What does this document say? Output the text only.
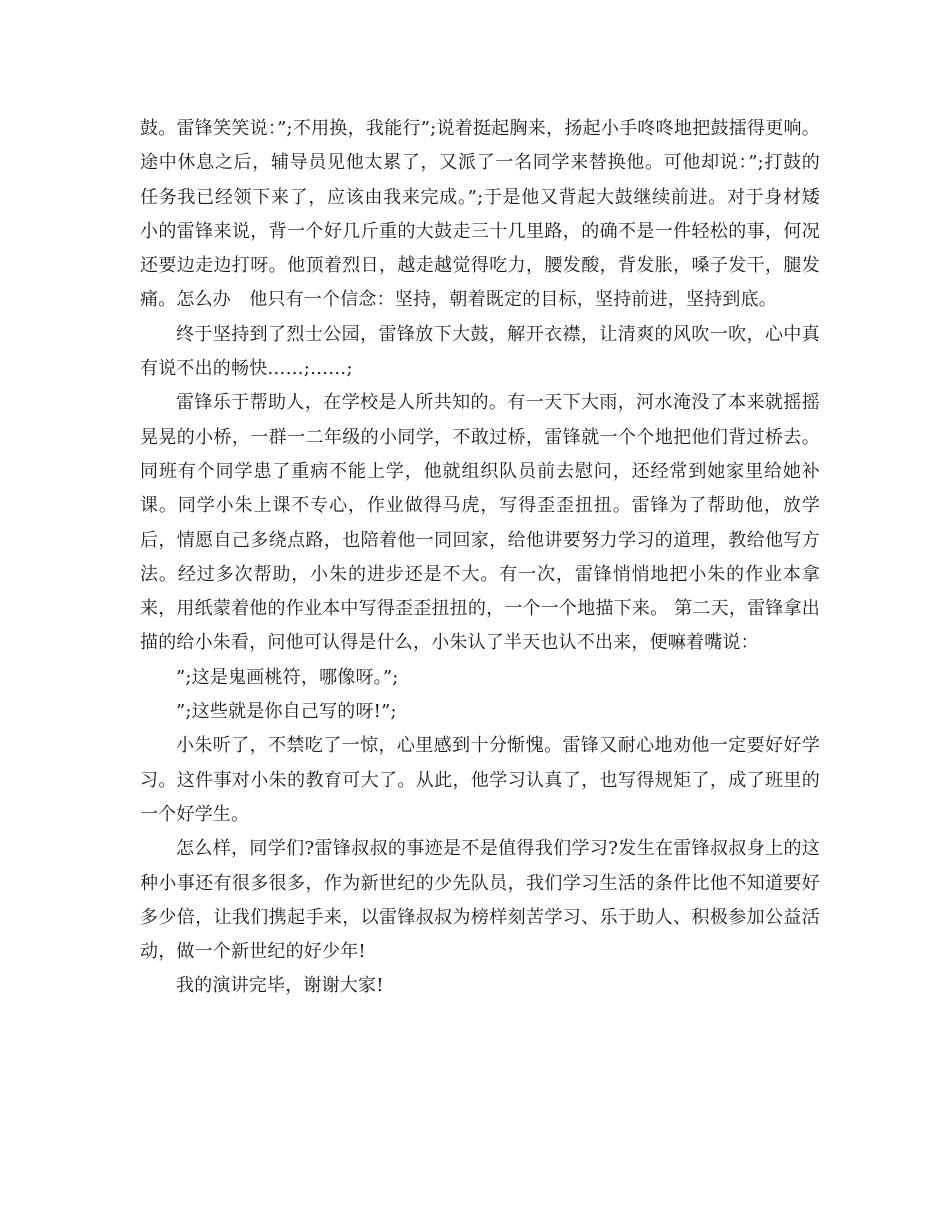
鼓。雷锋笑笑说：”;不用换，我能行”;说着挺起胸来，扬起小手咚咚地把鼓擂得更响。途中休息之后，辅导员见他太累了，又派了一名同学来替换他。可他却说：”;打鼓的任务我已经领下来了，应该由我来完成。”;于是他又背起大鼓继续前进。对于身材矮小的雷锋来说，背一个好几斤重的大鼓走三十几里路，的确不是一件轻松的事，何况还要边走边打呀。他顶着烈日，越走越觉得吃力，腰发酸，背发胀，嗓子发干，腿发痛。怎么办　他只有一个信念：坚持，朝着既定的目标，坚持前进，坚持到底。

终于坚持到了烈士公园，雷锋放下大鼓，解开衣襟，让清爽的风吹一吹，心中真有说不出的畅快……;……;

雷锋乐于帮助人，在学校是人所共知的。有一天下大雨，河水淹没了本来就摇摇晃晃的小桥，一群一二年级的小同学，不敢过桥，雷锋就一个个地把他们背过桥去。同班有个同学患了重病不能上学，他就组织队员前去慰问，还经常到她家里给她补课。同学小朱上课不专心，作业做得马虎，写得歪歪扭扭。雷锋为了帮助他，放学后，情愿自己多绕点路，也陪着他一同回家，给他讲要努力学习的道理，教给他写方法。经过多次帮助，小朱的进步还是不大。有一次，雷锋悄悄地把小朱的作业本拿来，用纸蒙着他的作业本中写得歪歪扭扭的，一个一个地描下来。 第二天，雷锋拿出描的给小朱看，问他可认得是什么，小朱认了半天也认不出来，便嘛着嘴说：

”;这是鬼画桃符，哪像呀。”;

”;这些就是你自己写的呀!”;

小朱听了，不禁吃了一惊，心里感到十分惭愧。雷锋又耐心地劝他一定要好好学习。这件事对小朱的教育可大了。从此，他学习认真了，也写得规矩了，成了班里的一个好学生。

怎么样，同学们?雷锋叔叔的事迹是不是值得我们学习?发生在雷锋叔叔身上的这种小事还有很多很多，作为新世纪的少先队员，我们学习生活的条件比他不知道要好多少倍，让我们携起手来，以雷锋叔叔为榜样刻苦学习、乐于助人、积极参加公益活动，做一个新世纪的好少年!

我的演讲完毕，谢谢大家!
